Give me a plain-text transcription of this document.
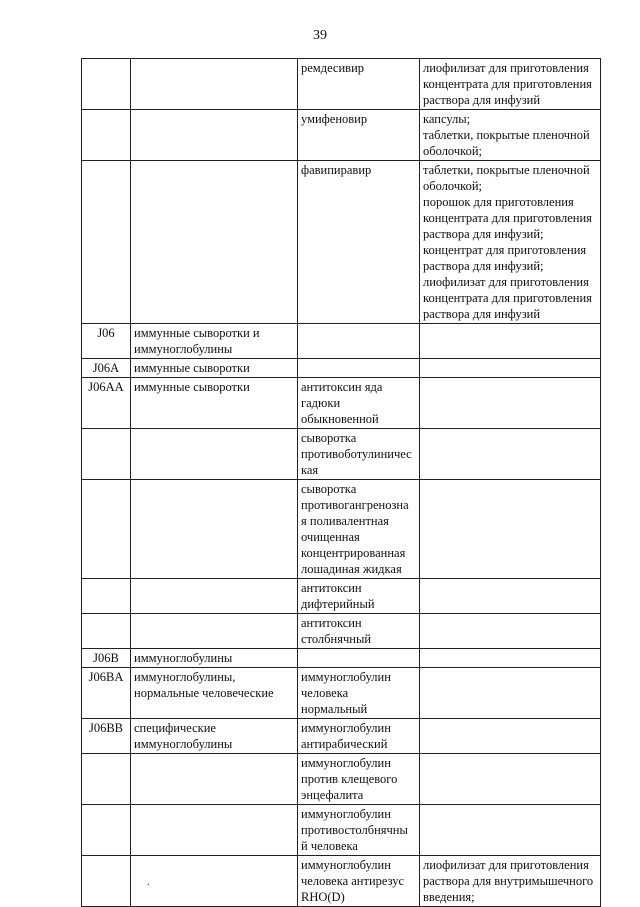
39

		ремдесивир	лиофилизат для приготовления концентрата для приготовления раствора для инфузий

		умифеновир	капсулы;
таблетки, покрытые пленочной оболочкой;

		фавипиравир	таблетки, покрытые пленочной оболочкой;
порошок для приготовления концентрата для приготовления раствора для инфузий;
концентрат для приготовления раствора для инфузий;
лиофилизат для приготовления концентрата для приготовления раствора для инфузий

J06	иммунные сыворотки и иммуноглобулины		

J06A	иммунные сыворотки		

J06AA	иммунные сыворотки	антитоксин яда гадюки обыкновенной	

		сыворотка противоботулиничес кая	

		сыворотка противогангренозна я поливалентная очищенная концентрированная лошадиная жидкая	

		антитоксин дифтерийный	

		антитоксин столбнячный	

J06B	иммуноглобулины		

J06BA	иммуноглобулины, нормальные человеческие	иммуноглобулин человека нормальный	

J06BB	специфические иммуноглобулины	иммуноглобулин антирабический	

		иммуноглобулин против клещевого энцефалита	

		иммуноглобулин противостолбнячны й человека	

		иммуноглобулин человека антирезус RHO(D)	лиофилизат для приготовления раствора для внутримышечного введения;
.
